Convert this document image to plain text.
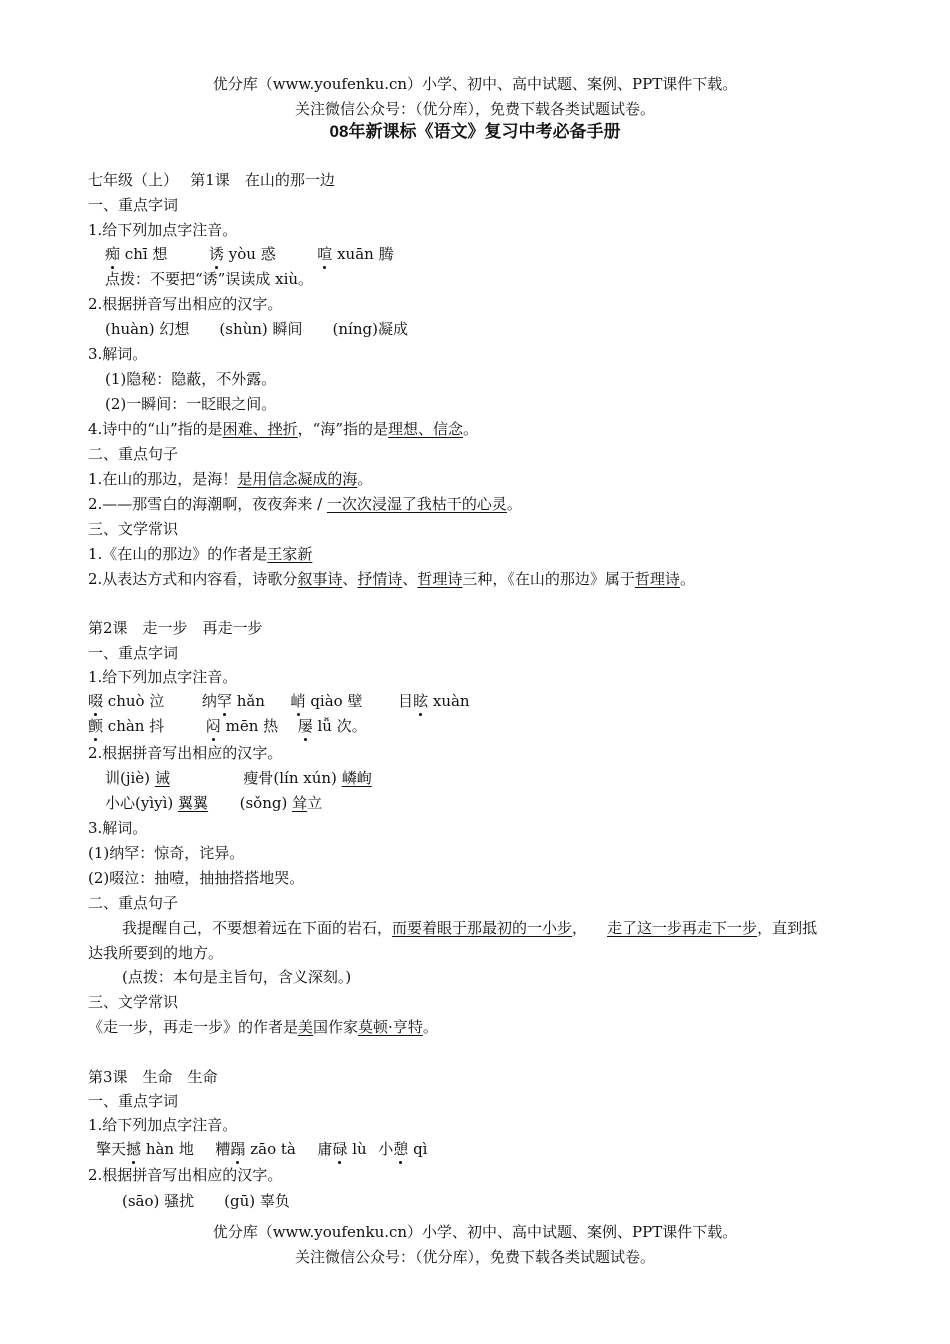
优分库（www.youfenku.cn）小学、初中、高中试题、案例、PPT课件下载。
关注微信公众号：（优分库），免费下载各类试题试卷。
08年新课标《语文》复习中考必备手册
七年级（上）　 第1课　在山的那一边
一、重点字词
1.给下列加点字注音。
痴 chī 想	诱 yòu 惑	喧 xuān 腾
点拨：不要把“诱”误读成 xiù。
2.根据拼音写出相应的汉字。
(huàn) 幻想　　(shùn) 瞬间　　(níng)凝成
3.解词。
(1)隐秘：隐蔽，不外露。
(2)一瞬间：一眨眼之间。
4.诗中的“山”指的是困难、挫折，“海”指的是理想、信念。
二、重点句子
1.在山的那边，是海！是用信念凝成的海。
2.——那雪白的海潮啊，夜夜奔来 / 一次次浸湿了我枯干的心灵。
三、文学常识
1.《在山的那边》的作者是王家新
2.从表达方式和内容看，诗歌分叙事诗、抒情诗、哲理诗三种，《在山的那边》属于哲理诗。
第2课　走一步　再走一步
一、重点字词
1.给下列加点字注音。
啜 chuò 泣	纳罕 hǎn 峭 qiào 壁 目眩 xuàn
颤 chàn 抖	闷 mēn 热 屡 lǚ 次。
2.根据拼音写出相应的汉字。
训(jiè) 诫	瘦骨(lín xún) 嶙峋
小心(yìyì) 翼翼 (sǒng) 耸立
3.解词。
(1)纳罕：惊奇，诧异。
(2)啜泣：抽噎，抽抽搭搭地哭。
二、重点句子
我提醒自己，不要想着远在下面的岩石，而要着眼于那最初的一小步， 走了这一步再走下一步，直到抵
达我所要到的地方。
(点拨：本句是主旨句，含义深刻。)
三、文学常识
《走一步，再走一步》的作者是美国作家莫顿·亨特。
第3课　生命　生命
一、重点字词
1.给下列加点字注音。
擎天撼 hàn 地 糟蹋 zāo tà 庸碌 lù 小憩 qì
2.根据拼音写出相应的汉字。
(sāo) 骚扰　　(gū) 辜负
优分库（www.youfenku.cn）小学、初中、高中试题、案例、PPT课件下载。
关注微信公众号：（优分库），免费下载各类试题试卷。
